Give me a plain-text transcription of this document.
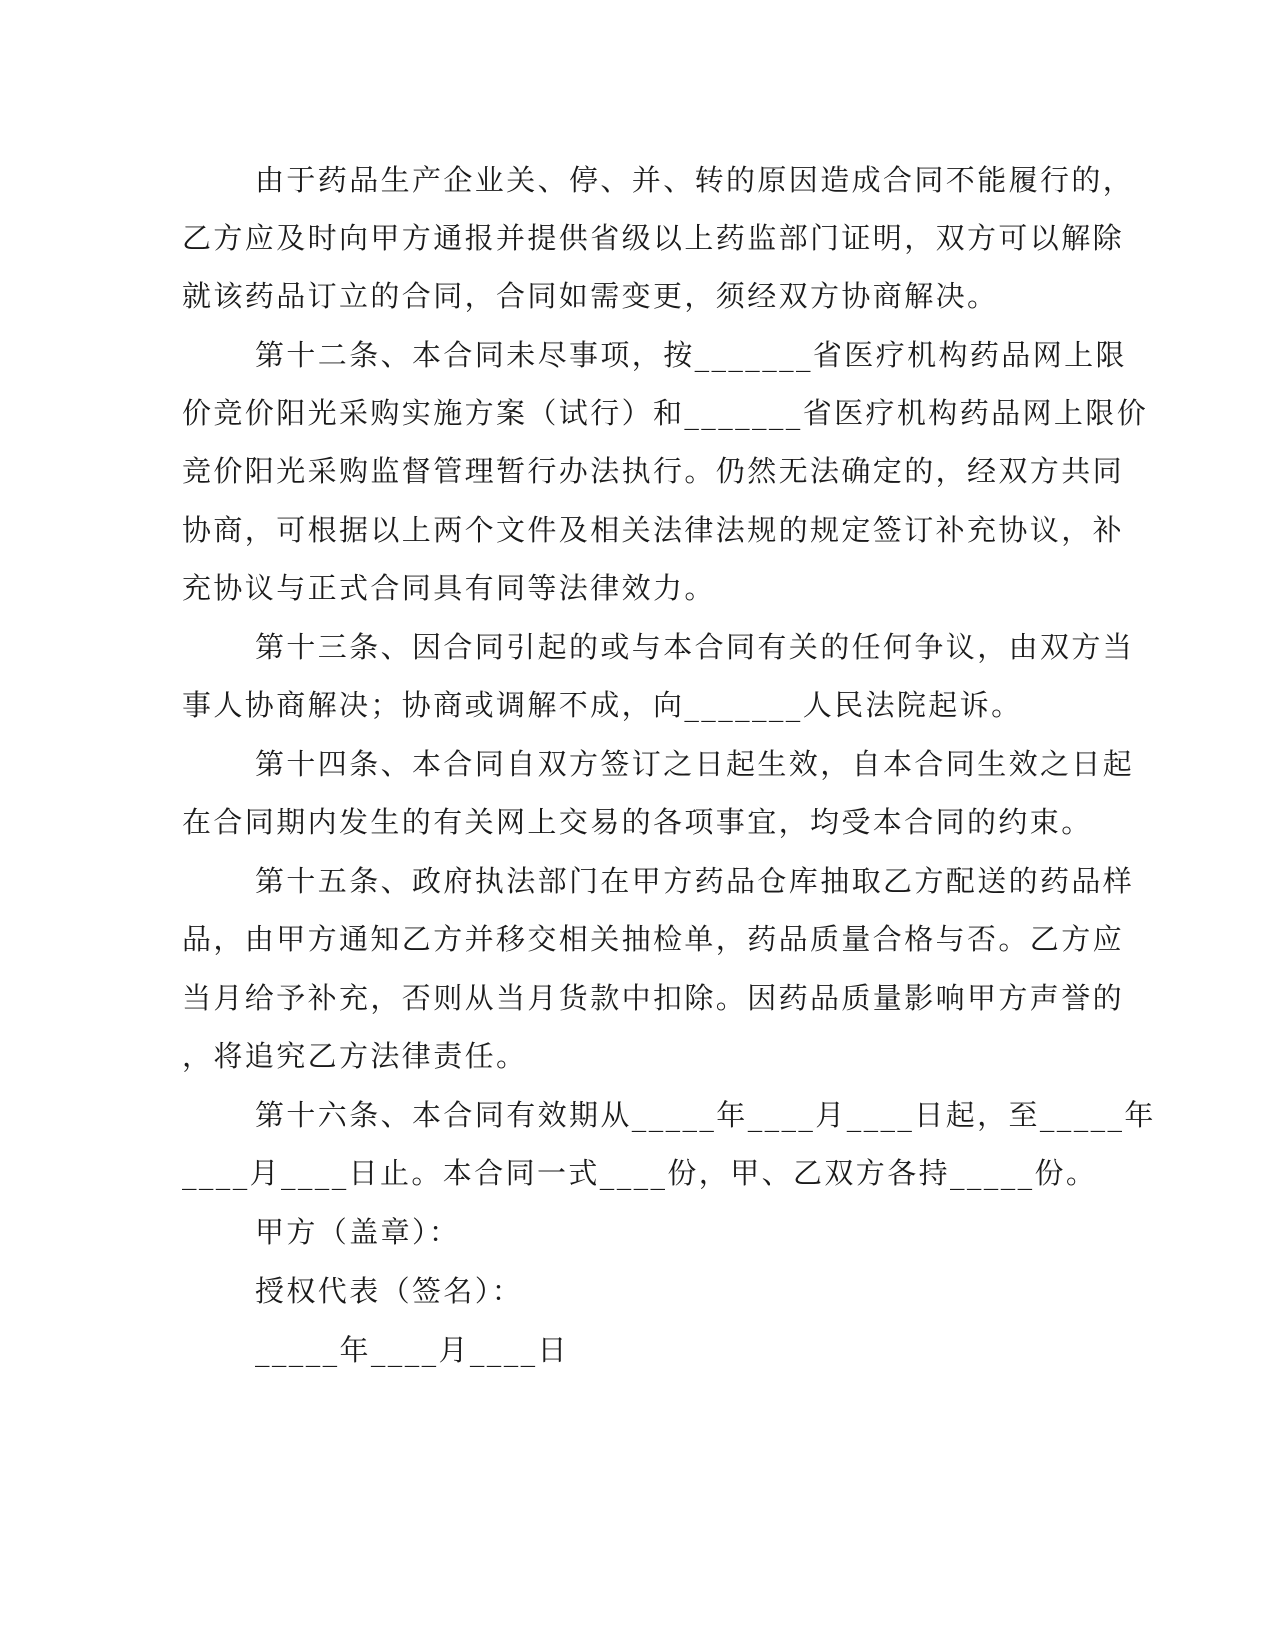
由于药品生产企业关、停、并、转的原因造成合同不能履行的，
乙方应及时向甲方通报并提供省级以上药监部门证明，双方可以解除
就该药品订立的合同，合同如需变更，须经双方协商解决。
第十二条、本合同未尽事项，按_______省医疗机构药品网上限
价竞价阳光采购实施方案（试行）和_______省医疗机构药品网上限价
竞价阳光采购监督管理暂行办法执行。仍然无法确定的，经双方共同
协商，可根据以上两个文件及相关法律法规的规定签订补充协议，补
充协议与正式合同具有同等法律效力。
第十三条、因合同引起的或与本合同有关的任何争议，由双方当
事人协商解决；协商或调解不成，向_______人民法院起诉。
第十四条、本合同自双方签订之日起生效，自本合同生效之日起
在合同期内发生的有关网上交易的各项事宜，均受本合同的约束。
第十五条、政府执法部门在甲方药品仓库抽取乙方配送的药品样
品，由甲方通知乙方并移交相关抽检单，药品质量合格与否。乙方应
当月给予补充，否则从当月货款中扣除。因药品质量影响甲方声誉的
，将追究乙方法律责任。
第十六条、本合同有效期从_____年____月____日起，至_____年
____月____日止。本合同一式____份，甲、乙双方各持_____份。
甲方（盖章）：
授权代表（签名）：
_____年____月____日
